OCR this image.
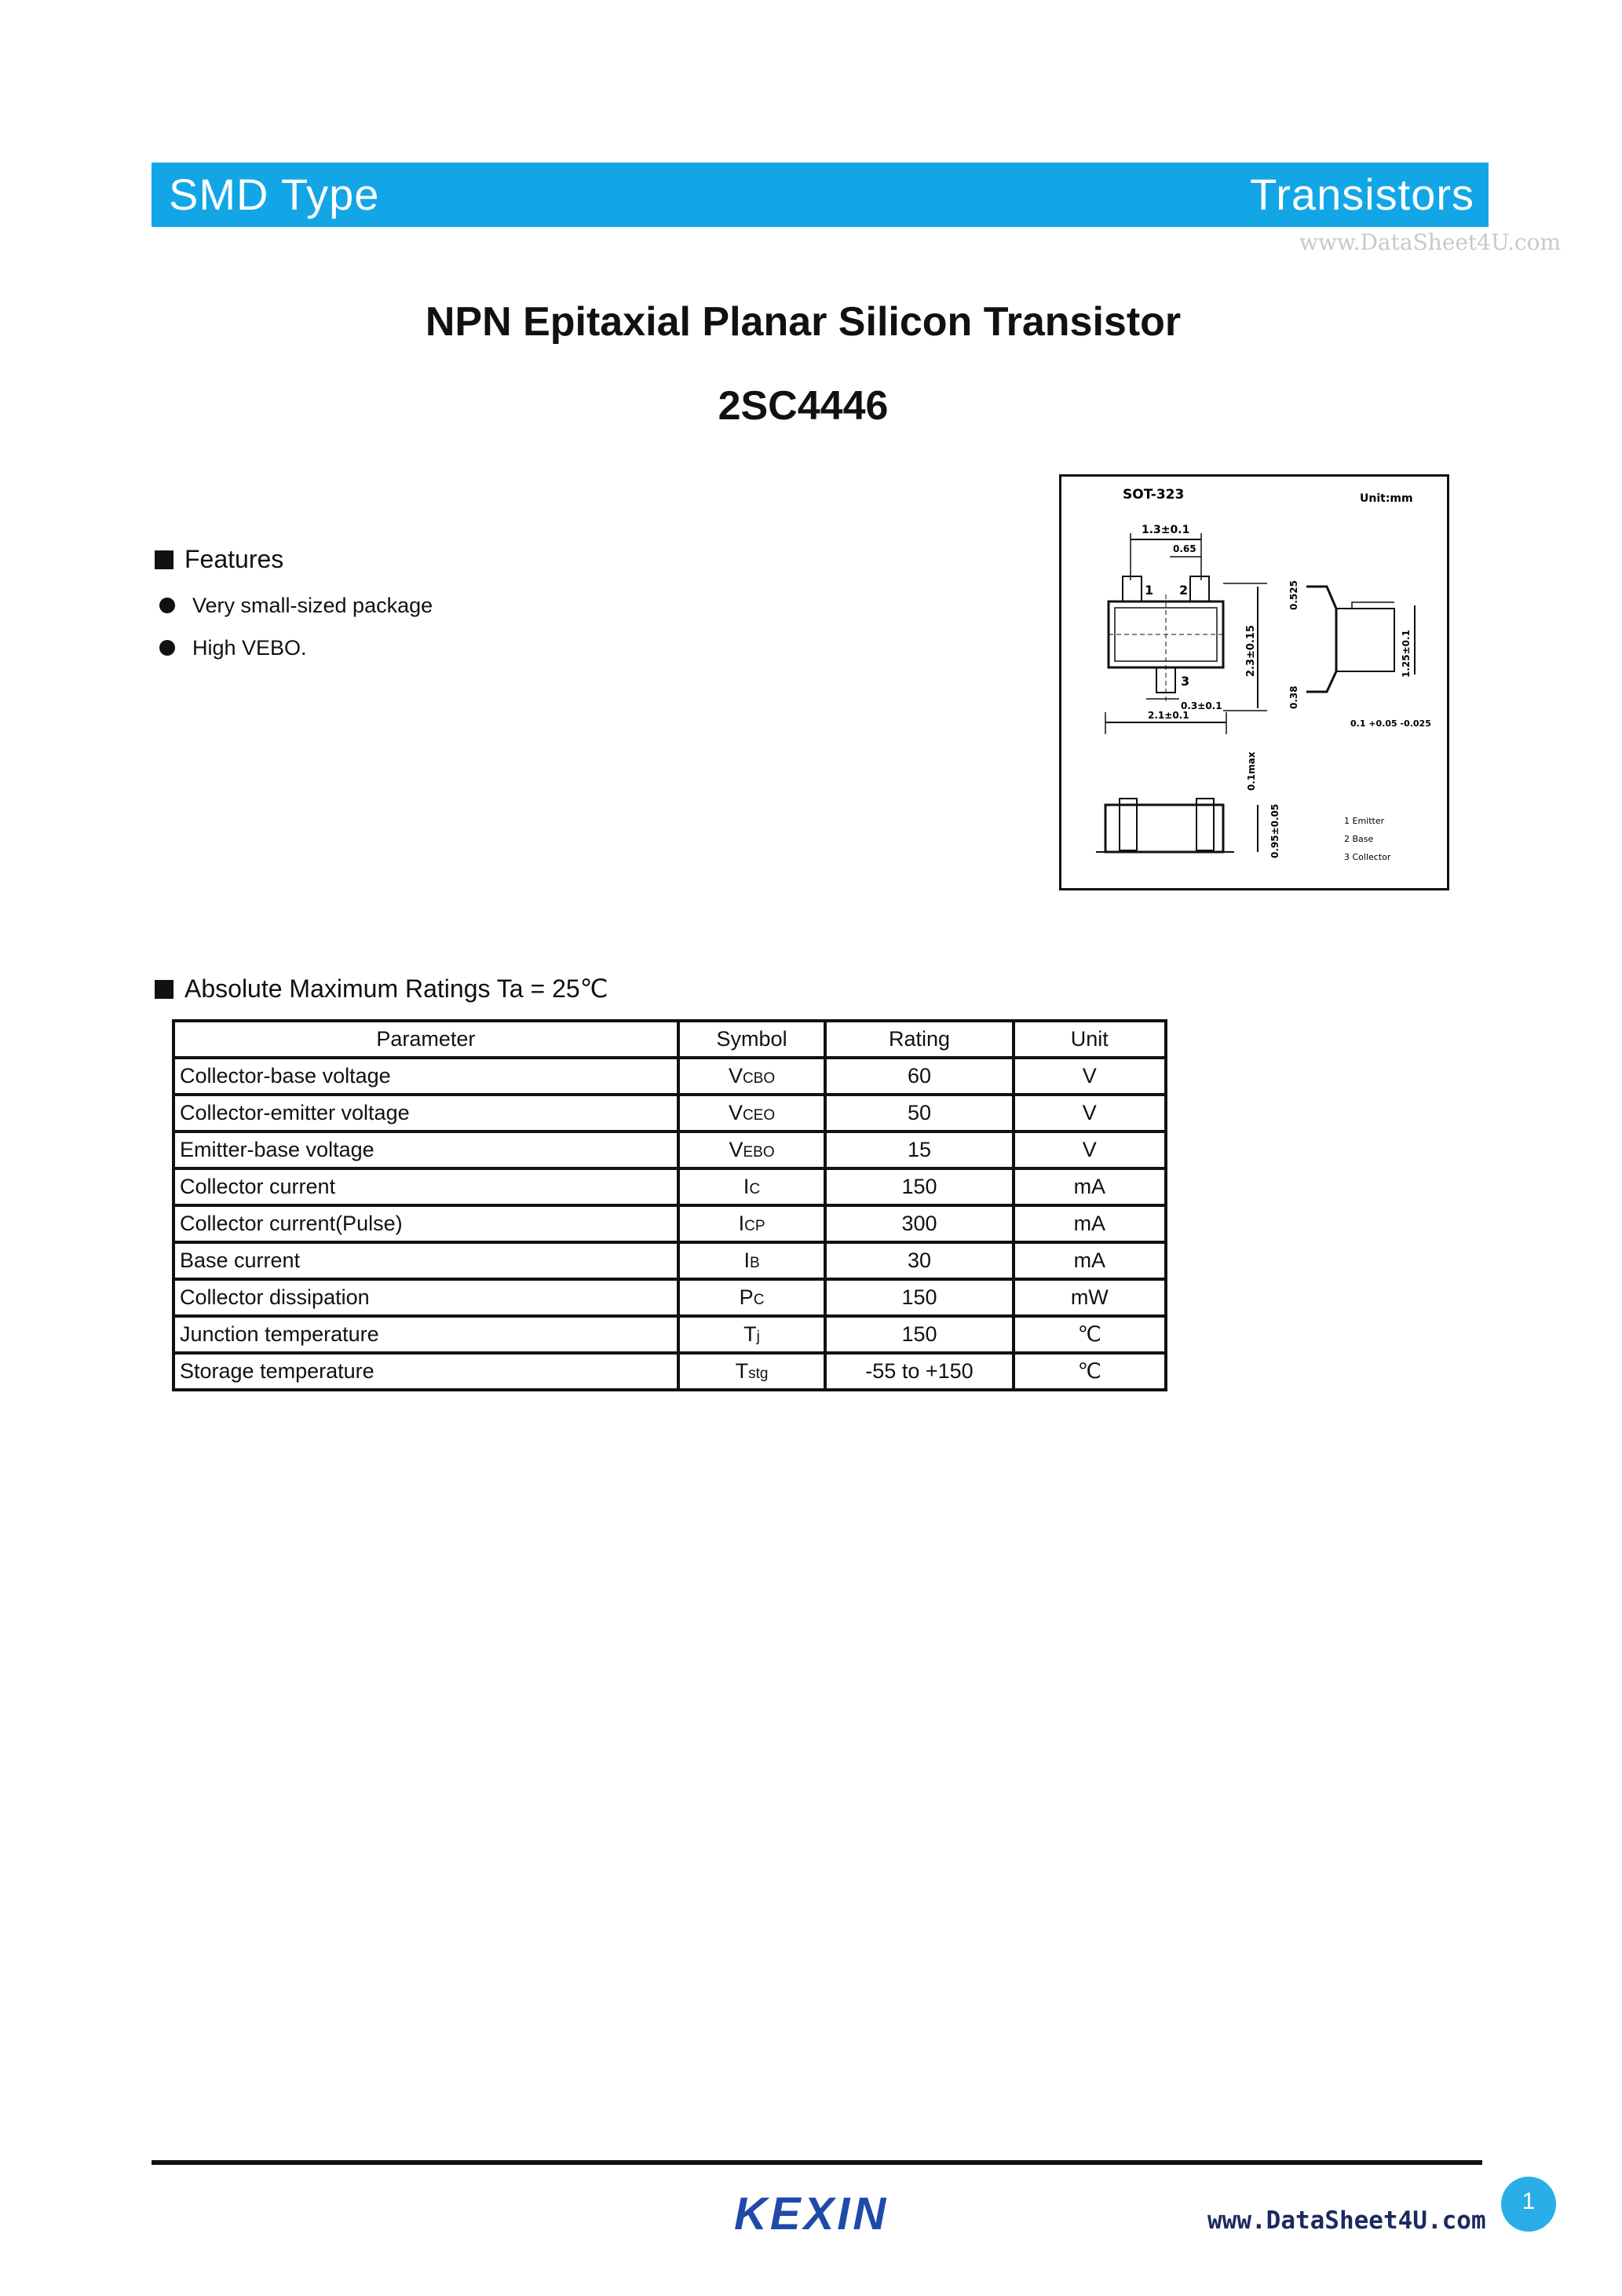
SMD Type	Transistors
www.DataSheet4U.com
NPN Epitaxial Planar Silicon Transistor
2SC4446
Features
Very small-sized package
High VEBO.
SOT-323	Unit:mm
1.3±0.1
0.65
1 2
3
2.3±0.15
0.3±0.1
2.1±0.1
0.525
1.25±0.1
0.38
0.1 +0.05 -0.025
0.1max
0.95±0.05	1 Emitter
2 Base
3 Collector
Absolute Maximum Ratings Ta = 25℃
Parameter	Symbol	Rating	Unit
Collector-base voltage	VCBO	60	V
Collector-emitter voltage	VCEO	50	V
Emitter-base voltage	VEBO	15	V
Collector current	IC	150	mA
Collector current(Pulse)	ICP	300	mA
Base current	IB	30	mA
Collector dissipation	PC	150	mW
Junction temperature	Tj	150	℃
Storage temperature	Tstg	-55 to +150	℃
KEXIN	1
www.DataSheet4U.com
